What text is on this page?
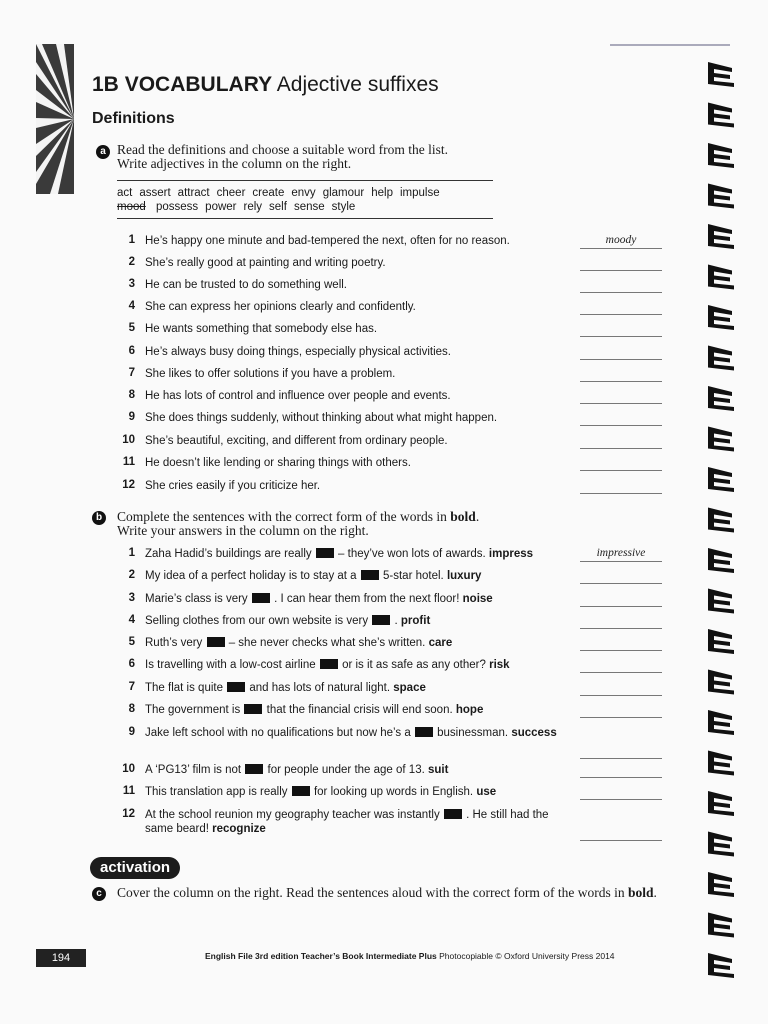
1B VOCABULARY Adjective suffixes
Definitions
a Read the definitions and choose a suitable word from the list.
Write adjectives in the column on the right.
act assert attract cheer create envy glamour help impulse
mood possess power rely self sense style
1 He’s happy one minute and bad-tempered the next, often for no reason.	moody
2 She’s really good at painting and writing poetry.
3 He can be trusted to do something well.
4 She can express her opinions clearly and confidently.
5 He wants something that somebody else has.
6 He’s always busy doing things, especially physical activities.
7 She likes to offer solutions if you have a problem.
8 He has lots of control and influence over people and events.
9 She does things suddenly, without thinking about what might happen.
10 She’s beautiful, exciting, and different from ordinary people.
11 He doesn’t like lending or sharing things with others.
12 She cries easily if you criticize her.
b Complete the sentences with the correct form of the words in bold.
Write your answers in the column on the right.
1 Zaha Hadid’s buildings are really – they’ve won lots of awards. impress	impressive
2 My idea of a perfect holiday is to stay at a 5-star hotel. luxury
3 Marie’s class is very . I can hear them from the next floor! noise
4 Selling clothes from our own website is very . profit
5 Ruth’s very – she never checks what she’s written. care
6 Is travelling with a low-cost airline or is it as safe as any other? risk
7 The flat is quite and has lots of natural light. space
8 The government is that the financial crisis will end soon. hope
9 Jake left school with no qualifications but now he’s a businessman. success
10 A ‘PG13’ film is not for people under the age of 13. suit
11 This translation app is really for looking up words in English. use
12 At the school reunion my geography teacher was instantly . He still had the same beard! recognize
activation
c	Cover the column on the right. Read the sentences aloud with the correct form of the words in bold.
194	English File 3rd edition Teacher’s Book Intermediate Plus Photocopiable © Oxford University Press 2014
